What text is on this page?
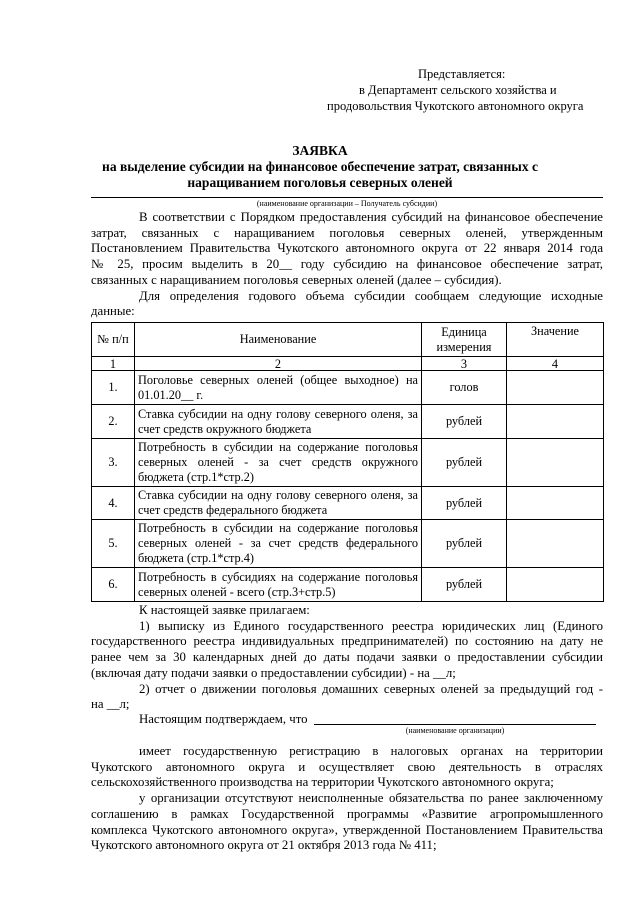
Представляется:
в Департамент сельского хозяйства и
продовольствия Чукотского автономного округа
ЗАЯВКА
на выделение субсидии на финансовое обеспечение затрат, связанных с
наращиванием поголовья северных оленей
(наименование организации – Получатель субсидии)
В соответствии с Порядком предоставления субсидий на финансовое обеспечение
затрат, связанных с наращиванием поголовья северных оленей, утвержденным
Постановлением Правительства Чукотского автономного округа от 22 января 2014 года
№ 25, просим выделить в 20__ году субсидию на финансовое обеспечение затрат,
связанных с наращиванием поголовья северных оленей (далее – субсидия).
Для определения годового объема субсидии сообщаем следующие исходные
данные:
№ п/п	Наименование	Единица измерения	Значение
1	2	3	4
1.	Поголовье северных оленей (общее выходное) на 01.01.20__ г.	голов	
2.	Ставка субсидии на одну голову северного оленя, за счет средств окружного бюджета	рублей	
3.	Потребность в субсидии на содержание поголовья северных оленей - за счет средств окружного бюджета (стр.1*стр.2)	рублей	
4.	Ставка субсидии на одну голову северного оленя, за счет средств федерального бюджета	рублей	
5.	Потребность в субсидии на содержание поголовья северных оленей - за счет средств федерального бюджета (стр.1*стр.4)	рублей	
6.	Потребность в субсидиях на содержание поголовья северных оленей - всего (стр.3+стр.5)	рублей	
К настоящей заявке прилагаем:
1) выписку из Единого государственного реестра юридических лиц (Единого
государственного реестра индивидуальных предпринимателей) по состоянию на дату не
ранее чем за 30 календарных дней до даты подачи заявки о предоставлении субсидии
(включая дату подачи заявки о предоставлении субсидии) - на __л;
2) отчет о движении поголовья домашних северных оленей за предыдущий год -
на __л;
Настоящим подтверждаем, что
(наименование организации)
имеет государственную регистрацию в налоговых органах на территории
Чукотского автономного округа и осуществляет свою деятельность в отраслях
сельскохозяйственного производства на территории Чукотского автономного округа;
у организации отсутствуют неисполненные обязательства по ранее заключенному
соглашению в рамках Государственной программы «Развитие агропромышленного
комплекса Чукотского автономного округа», утвержденной Постановлением Правительства
Чукотского автономного округа от 21 октября 2013 года № 411;
